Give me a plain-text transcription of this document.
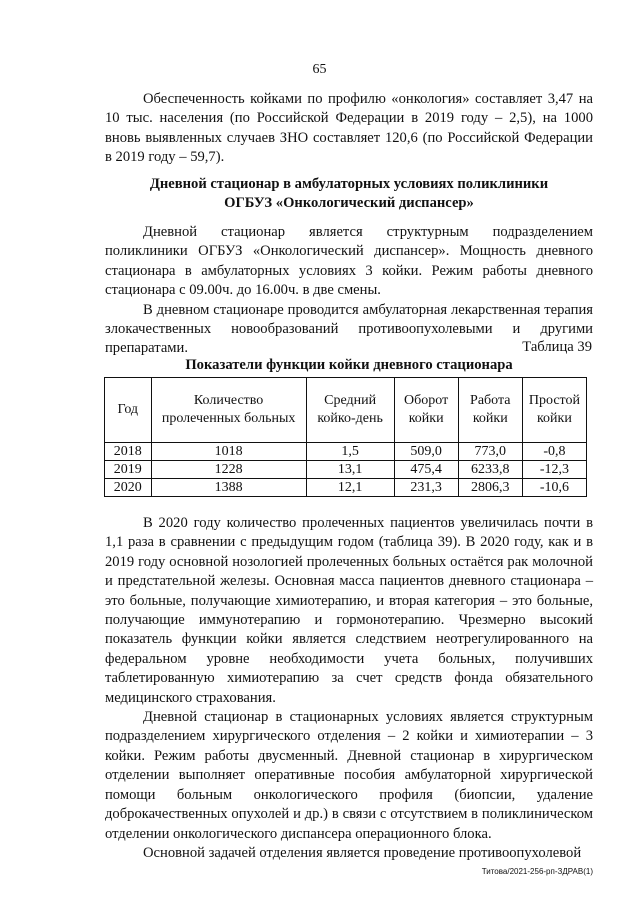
65

Обеспеченность койками по профилю «онкология» составляет 3,47 на 10 тыс. населения (по Российской Федерации в 2019 году – 2,5), на 1000 вновь выявленных случаев ЗНО составляет 120,6 (по Российской Федерации в 2019 году – 59,7).

Дневной стационар в амбулаторных условиях поликлиники
ОГБУЗ «Онкологический диспансер»

Дневной стационар является структурным подразделением поликлиники ОГБУЗ «Онкологический диспансер». Мощность дневного стационара в амбулаторных условиях 3 койки. Режим работы дневного стационара с 09.00ч. до 16.00ч. в две смены.

В дневном стационаре проводится амбулаторная лекарственная терапия злокачественных новообразований противоопухолевыми и другими препаратами.	Таблица 39
Показатели функции койки дневного стационара
Год	Количество пролеченных больных	Средний койко-день	Оборот койки	Работа койки	Простой койки
2018	1018	1,5	509,0	773,0	-0,8
2019	1228	13,1	475,4	6233,8	-12,3
2020	1388	12,1	231,3	2806,3	-10,6

В 2020 году количество пролеченных пациентов увеличилась почти в 1,1 раза в сравнении с предыдущим годом (таблица 39). В 2020 году, как и в 2019 году основной нозологией пролеченных больных остаётся рак молочной и предстательной железы. Основная масса пациентов дневного стационара – это больные, получающие химиотерапию, и вторая категория – это больные, получающие иммунотерапию и гормонотерапию. Чрезмерно высокий показатель функции койки является следствием неотрегулированного на федеральном уровне необходимости учета больных, получивших таблетированную химиотерапию за счет средств фонда обязательного медицинского страхования.

Дневной стационар в стационарных условиях является структурным подразделением хирургического отделения – 2 койки и химиотерапии – 3 койки. Режим работы двусменный. Дневной стационар в хирургическом отделении выполняет оперативные пособия амбулаторной хирургической помощи больным онкологического профиля (биопсии, удаление доброкачественных опухолей и др.) в связи с отсутствием в поликлиническом отделении онкологического диспансера операционного блока.

Основной задачей отделения является проведение противоопухолевой

Титова/2021-256-рп-ЗДРАВ(1)
